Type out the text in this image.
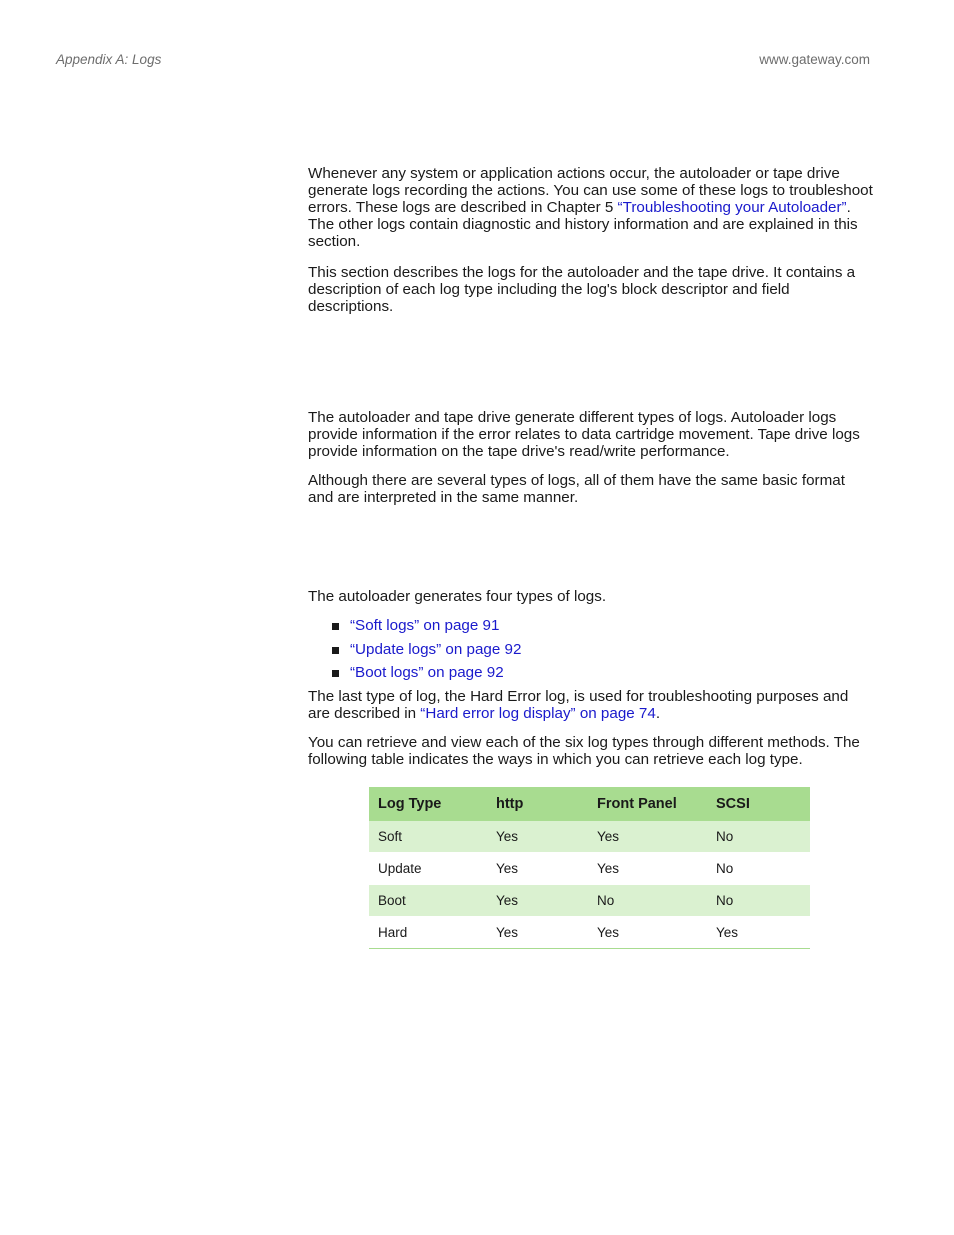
Appendix A: Logs	www.gateway.com

Whenever any system or application actions occur, the autoloader or tape drive generate logs recording the actions. You can use some of these logs to troubleshoot errors. These logs are described in Chapter 5 “Troubleshooting your Autoloader”. The other logs contain diagnostic and history information and are explained in this section.

This section describes the logs for the autoloader and the tape drive. It contains a description of each log type including the log's block descriptor and field descriptions.

The autoloader and tape drive generate different types of logs. Autoloader logs provide information if the error relates to data cartridge movement. Tape drive logs provide information on the tape drive's read/write performance.

Although there are several types of logs, all of them have the same basic format and are interpreted in the same manner.

The autoloader generates four types of logs.

“Soft logs” on page 91
“Update logs” on page 92
“Boot logs” on page 92

The last type of log, the Hard Error log, is used for troubleshooting purposes and are described in “Hard error log display” on page 74.

You can retrieve and view each of the six log types through different methods. The following table indicates the ways in which you can retrieve each log type.

Log Type	http	Front Panel	SCSI
Soft	Yes	Yes	No
Update	Yes	Yes	No
Boot	Yes	No	No
Hard	Yes	Yes	Yes
